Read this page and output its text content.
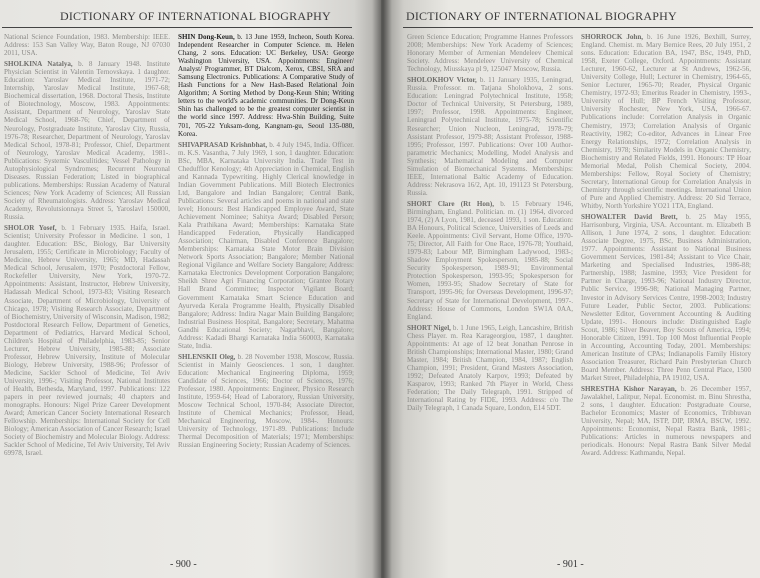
DICTIONARY OF INTERNATIONAL BIOGRAPHY

National Science Foundation, 1983. Membership: IEEE. Address: 153 San Valley Way, Baton Rouge, NJ 07030 2011, USA.

SHOLKINA Natalya, b. 8 January 1948. Institute Physician Scientist in Valentin Ternovskaya. 1 daughter. Education: Yaroslav Medical Institute, 1971-72; Internship, Yaroslav Medical Institute, 1967-68; Biochemical dissertation, 1968. Doctoral Thesis, Institute of Biotechnology, Moscow, 1983. Appointments: Assistant, Department of Neurology, Yaroslav State Medical School, 1968-76; Chief, Department of Neurology, Postgraduate Institute, Yaroslav City, Russia, 1976-78; Researcher, Department of Neurology, Yaroslav Medical School, 1978-81; Professor, Chief, Department of Neurology, Yaroslav Medical Academy, 1981-. Publications: Systemic Vasculitides; Vessel Pathology in Autophysiological Syndromes; Recurrent Neuronal Diseases. Russian Federation; Listed in biographical publications. Memberships: Russian Academy of Natural Sciences; New York Academy of Sciences; All Russian Society of Rheumatologists. Address: Yaroslav Medical Academy, Revolutsionnaya Street 5, Yaroslavl 150000, Russia.

SHOLOR Yosef, b. 1 February 1935. Haifa, Israel. Scientist; University Professor in Medicine. 1 son, 1 daughter. Education: BSc, Biology, Bar University Jerusalem, 1955; Certificate in Microbiology; Faculty of Medicine, Hebrew University, 1965; MD, Hadassah Medical School, Jerusalem, 1970; Postdoctoral Fellow, Rockefeller University, New York, 1970-72. Appointments: Assistant, Instructor, Hebrew University, Hadassah Medical School, 1973-83; Visiting Research Associate, Department of Microbiology, University of Chicago, 1978; Visiting Research Associate, Department of Biochemistry, University of Wisconsin, Madison, 1982; Postdoctoral Research Fellow, Department of Genetics, Department of Pediatrics, Harvard Medical School, Children's Hospital of Philadelphia, 1983-85; Senior Lecturer, Hebrew University, 1985-88; Associate Professor, Hebrew University, Institute of Molecular Biology, Hebrew University, 1988-96; Professor of Medicine, Sackler School of Medicine, Tel Aviv University, 1996-; Visiting Professor, National Institutes of Health, Bethesda, Maryland, 1997. Publications: 122 papers in peer reviewed journals; 40 chapters and monographs. Honours: Nigel Prize Career Development Award; American Cancer Society International Research Fellowship. Memberships: International Society for Cell Biology; American Association of Cancer Research; Israel Society of Biochemistry and Molecular Biology. Address: Sackler School of Medicine, Tel Aviv University, Tel Aviv 69978, Israel.

SHIN Dong-Keun, b. 13 June 1959, Incheon, South Korea. Independent Researcher in Computer Science. m. Helen Chang, 2 sons. Education: UC Berkeley, USA: George Washington University, USA. Appointments: Engineer/ Analyst/ Programmer, BT Dialcom, Xerox, CBSI, SRA and Samsung Electronics. Publications: A Comparative Study of Hash Functions for a New Hash-Based Relational Join Algorithm; A Sorting Method by Dong-Keun Shin; Writing letters to the world's academic communities. Dr Dong-Keun Shin has challenged to be the greatest computer scientist in the world since 1997. Address: Hwa-Shin Building, Suite 701, 705-22 Yuksam-dong, Kangnam-gu, Seoul 135-080, Korea.

SHIVAPRASAD Krishnbhat, b. 4 July 1945, India. Officer. m. K.S. Vasantha, 7 July 1969, 1 son, 1 daughter. Education: BSc, MBA, Karnataka University India. Trade Test in Chedufflor Kenology; 4th Appreciation in Chemical, English and Kannada Typewriting. Highly Clerical knowledge in Indian Government Publications. Mill Biotech Electronics Ltd, Bangalore and Indian Bangalore; Central Bank, Publications: Several articles and poems in national and state level; Honours: Best Handicapped Employee Award, State Achievement Nominee; Sahitya Award; Disabled Person; Kala Prathikana Award; Memberships: Karnataka State Handicapped Federation, Physically Handicapped Association; Chairman, Disabled Conference Bangalore; Memberships: Karnataka State Motor Brain Division Network Sports Association; Bangalore; Member National Regional Vigilance and Welfare Society Bangalore; Address: Karnataka Electronics Development Corporation Bangalore; Sheikh Shree Agri Financing Corporation; Grantee Rotary Hall Brand Committee; Inspector Vigilant Board; Government Karnataka Smart Science Education and Ayurveda Kerala Programme Health, Physically Disabled Bangalore; Address: Indira Nagar Main Building Bangalore; Industrial Business Hospital, Bangalore; Secretary, Mahatma Gandhi Educational Society; Nagarbhavi, Bangalore; Address: Kadadi Bhargi Karnataka India 560003, Karnataka State, India.

SHLENSKII Oleg, b. 28 November 1938, Moscow, Russia. Scientist in Mainly Geosciences. 1 son, 1 daughter. Education: Mechanical Engineering Diploma, 1959; Candidate of Sciences, 1966; Doctor of Sciences, 1976; Professor, 1980. Appointments: Engineer, Physico Research Institute, 1959-64; Head of Laboratory, Russian University, Moscow Technical School, 1970-84; Associate Director, Institute of Chemical Mechanics; Professor, Head, Mechanical Engineering, Moscow, 1984-. Honours: University of Technology, 1971-89. Publications: Include Thermal Decomposition of Materials; 1971; Memberships: Russian Engineering Society; Russian Academy of Sciences.

- 900 -
DICTIONARY OF INTERNATIONAL BIOGRAPHY

Green Science Education; Programme Hannes Professors 2008; Memberships: New York Academy of Sciences; Honorary Member of Armenian Mendeleev Chemical Society. Address: Mendeleev University of Chemical Technology, Miusskaya pl 9, 125047 Moscow, Russia.

SHOLOKHOV Victor, b. 11 January 1935, Leningrad, Russia. Professor. m. Tatjana Sholokhova, 2 sons. Education: Leningrad Polytechnical Institute, 1958; Doctor of Technical University, St Petersburg, 1989, 1997; Professor, 1998. Appointments: Engineer, Leningrad Polytechnical Institute, 1975-78; Scientific Researcher; Union Nucleon, Leningrad, 1978-79; Assistant Professor, 1979-88; Assistant Professor, 1988-1995; Professor, 1997. Publications: Over 100 Author-parametric Mechanics; Modelling, Model Analysis and Synthesis; Mathematical Modeling and Computer Simulation of Biomechanical Systems. Memberships: IEEE, International Baltic Academy of Education. Address: Nekrasova 16/2, Apt. 10, 191123 St Petersburg, Russia.

SHORT Clare (Rt Hon), b. 15 February 1946, Birmingham, England. Politician. m. (1) 1964, divorced 1974, (2) A Lyon, 1981, deceased 1993, 1 son. Education: BA Honours, Political Science, Universities of Leeds and Keele. Appointments: Civil Servant, Home Office, 1970-75; Director, All Faith for One Race, 1976-78; Youthaid, 1979-83; Labour MP, Birmingham Ladywood, 1983-; Shadow Employment Spokesperson, 1985-88; Social Security Spokesperson, 1989-91; Environmental Protection Spokesperson, 1993-95; Spokesperson for Women, 1993-95; Shadow Secretary of State for Transport, 1995-96; for Overseas Development, 1996-97; Secretary of State for International Development, 1997-. Address: House of Commons, London SW1A 0AA, England.

SHORT Nigel, b. 1 June 1965, Leigh, Lancashire, British Chess Player. m. Rea Karageorgiou, 1987, 1 daughter. Appointments: At age of 12 beat Jonathan Penrose in British Championships; International Master, 1980; Grand Master, 1984; British Champion, 1984, 1987; English Champion, 1991; President, Grand Masters Association, 1992; Defeated Anatoly Karpov, 1993; Defeated by Kasparov, 1993; Ranked 7th Player in World, Chess Federation; The Daily Telegraph, 1991. Stripped of International Rating by FIDE, 1993. Address: c/o The Daily Telegraph, 1 Canada Square, London, E14 5DT.

SHORROCK John, b. 16 June 1926, Bexhill, Surrey, England. Chemist. m. Mary Bernice Rees, 20 July 1951, 2 sons. Education: Education BA, 1947, BSc, 1949, PhD, 1958, Exeter College, Oxford. Appointments: Assistant Lecturer, 1960-62, Lecturer at St Andrews, 1962-56, University College, Hull; Lecturer in Chemistry, 1964-65, Senior Lecturer, 1965-70; Reader, Physical Organic Chemistry, 1972-93; Emeritus Reader in Chemistry, 1993-, University of Hull; BP French Visiting Professor, University Rochester, New York, USA, 1966-67. Publications include: Correlation Analysis in Organic Chemistry, 1973; Correlation Analysis of Organic Reactivity, 1982; Co-editor, Advances in Linear Free Energy Relationships, 1972; Correlation Analysis in Chemistry, 1978; Similarity Models in Organic Chemistry, Biochemistry and Related Fields, 1991. Honours: TP Hoar Memorial Medal, Polish Chemical Society, 2004. Memberships: Fellow, Royal Society of Chemistry; Secretary, International Group for Correlation Analysis in Chemistry through scientific meetings. International Union of Pure and Applied Chemistry. Address: 20 Sid Terrace, Whitby, North Yorkshire YO21 1TA, England.

SHOWALTER David Brett, b. 25 May 1955, Harrisonburg, Virginia, USA. Accountant. m. Elizabeth B Allison, 1 June 1974, 2 sons, 1 daughter. Education: Associate Degree, 1975, BSc, Business Administration, 1977. Appointments: Assistant to National Business Government Services, 1981-84; Assistant to Vice Chair, Marketing and Specialised Industries, 1986-88; Partnership, 1988; Jasmine, 1993; Vice President for Partner in Charge, 1993-96; National Industry Director, Public Service, 1996-98; National Managing Partner, Investor in Advisory Services Centre, 1998-2003; Industry Future Leader, Public Sector, 2003. Publications: Newsletter Editor, Government Accounting & Auditing Update, 1991-. Honours include: Distinguished Eagle Scout, 1986; Silver Beaver, Boy Scouts of America, 1994; Honorable Citizen, 1991. Top 100 Most Influential People in Accounting, Accounting Today, 2001. Memberships: American Institute of CPAs; Indianapolis Family History Association Treasurer, Richard Pain Presbyterian Church Board Member. Address: Three Penn Central Place, 1500 Market Street, Philadelphia, PA 19102, USA.

SHRESTHA Kishor Narayan, b. 26 December 1957, Jawalakhel, Lalitpur, Nepal. Economist. m. Binu Shrestha, 2 sons, 1 daughter. Education: Postgraduate Course, Bachelor Economics; Master of Economics, Tribhuvan University, Nepal; MA, ISTP, DIP, IRMA, BSCW, 1992. Appointments: Economist, Nepal Rastra Bank, 1981-; Publications: Articles in numerous newspapers and periodicals. Honours: Nepal Rastra Bank Silver Medal Award. Address: Kathmandu, Nepal.

- 901 -
